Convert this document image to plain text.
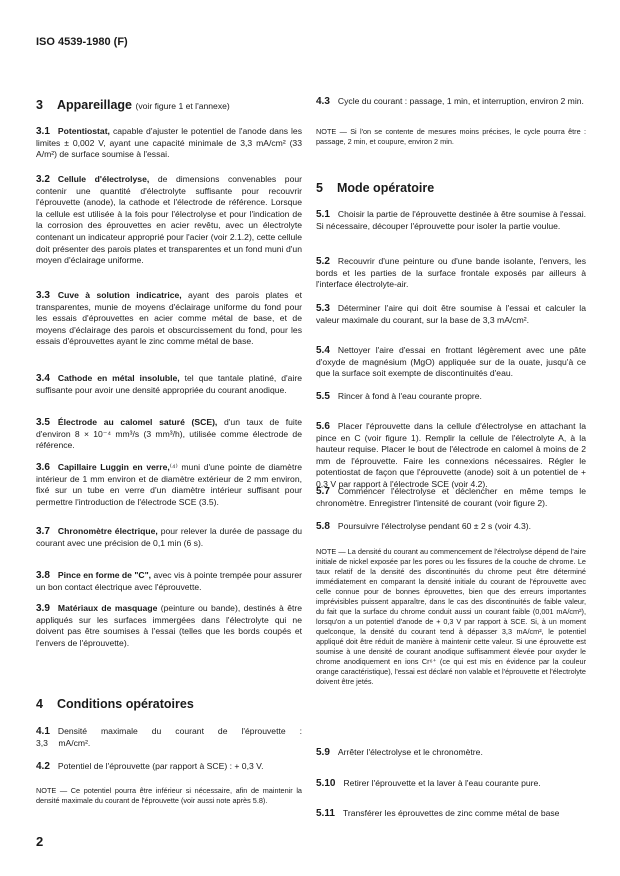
ISO 4539-1980 (F)
3 Appareillage (voir figure 1 et l'annexe)
3.1 Potentiostat, capable d'ajuster le potentiel de l'anode dans les limites ± 0,002 V, ayant une capacité minimale de 3,3 mA/cm² (33 A/m²) de surface soumise à l'essai.
3.2 Cellule d'électrolyse, de dimensions convenables pour contenir une quantité d'électrolyte suffisante pour recouvrir l'éprouvette (anode), la cathode et l'électrode de référence. Lorsque la cellule est utilisée à la fois pour l'électrolyse et pour l'indication de la corrosion des éprouvettes en acier revêtu, avec un électrolyte contenant un indicateur approprié pour l'acier (voir 2.1.2), cette cellule doit présenter des parois plates et transparentes et un fond muni d'un moyen d'éclairage uniforme.
3.3 Cuve à solution indicatrice, ayant des parois plates et transparentes, munie de moyens d'éclairage uniforme du fond pour les essais d'éprouvettes en acier comme métal de base, et de moyens d'éclairage des parois et obscurcissement du fond, pour les essais d'éprouvettes ayant le zinc comme métal de base.
3.4 Cathode en métal insoluble, tel que tantale platiné, d'aire suffisante pour avoir une densité appropriée du courant anodique.
3.5 Électrode au calomel saturé (SCE), d'un taux de fuite d'environ 8 × 10⁻⁴ mm³/s (3 mm³/h), utilisée comme électrode de référence.
3.6 Capillaire Luggin en verre,⁽⁴⁾ muni d'une pointe de diamètre intérieur de 1 mm environ et de diamètre extérieur de 2 mm environ, fixé sur un tube en verre d'un diamètre intérieur suffisant pour permettre l'introduction de l'électrode SCE (3.5).
3.7 Chronomètre électrique, pour relever la durée de passage du courant avec une précision de 0,1 min (6 s).
3.8 Pince en forme de "C", avec vis à pointe trempée pour assurer un bon contact électrique avec l'éprouvette.
3.9 Matériaux de masquage (peinture ou bande), destinés à être appliqués sur les surfaces immergées dans l'électrolyte qui ne doivent pas être soumises à l'essai (telles que les bords coupés et l'envers de l'éprouvette).
4 Conditions opératoires
4.1 Densité maximale du courant de l'éprouvette : 3,3 mA/cm².
4.2 Potentiel de l'éprouvette (par rapport à SCE) : + 0,3 V.
NOTE — Ce potentiel pourra être inférieur si nécessaire, afin de maintenir la densité maximale du courant de l'éprouvette (voir aussi note après 5.8).
2
4.3 Cycle du courant : passage, 1 min, et interruption, environ 2 min.
NOTE — Si l'on se contente de mesures moins précises, le cycle pourra être : passage, 2 min, et coupure, environ 2 min.
5 Mode opératoire
5.1 Choisir la partie de l'éprouvette destinée à être soumise à l'essai. Si nécessaire, découper l'éprouvette pour isoler la partie voulue.
5.2 Recouvrir d'une peinture ou d'une bande isolante, l'envers, les bords et les parties de la surface frontale exposés par ailleurs à l'interface électrolyte-air.
5.3 Déterminer l'aire qui doit être soumise à l'essai et calculer la valeur maximale du courant, sur la base de 3,3 mA/cm².
5.4 Nettoyer l'aire d'essai en frottant légèrement avec une pâte d'oxyde de magnésium (MgO) appliquée sur de la ouate, jusqu'à ce que la surface soit exempte de discontinuités d'eau.
5.5 Rincer à fond à l'eau courante propre.
5.6 Placer l'éprouvette dans la cellule d'électrolyse en attachant la pince en C (voir figure 1). Remplir la cellule de l'électrolyte A, à la hauteur requise. Placer le bout de l'électrode en calomel à moins de 2 mm de l'éprouvette. Faire les connexions nécessaires. Régler le potentiostat de façon que l'éprouvette (anode) soit à un potentiel de + 0,3 V par rapport à l'électrode SCE (voir 4.2).
5.7 Commencer l'électrolyse et déclencher en même temps le chronomètre. Enregistrer l'intensité de courant (voir figure 2).
5.8 Poursuivre l'électrolyse pendant 60 ± 2 s (voir 4.3).
NOTE — La densité du courant au commencement de l'électrolyse dépend de l'aire initiale de nickel exposée par les pores ou les fissures de la couche de chrome. Le taux relatif de la densité des discontinuités du chrome peut être déterminé immédiatement en comparant la densité initiale du courant de l'éprouvette avec celle connue pour de bonnes éprouvettes, bien que des erreurs importantes imprévisibles puissent apparaître, dans le cas des discontinuités de faible valeur, du fait que la surface du chrome conduit aussi un courant faible (0,001 mA/cm²), lorsqu'on a un potentiel d'anode de + 0,3 V par rapport à SCE. Si, à un moment quelconque, la densité du courant tend à dépasser 3,3 mA/cm², le potentiel appliqué doit être réduit de manière à maintenir cette valeur. Si une éprouvette est soumise à une densité de courant anodique suffisamment élevée pour oxyder le chrome anodiquement en ions Cr⁶⁺ (ce qui est mis en évidence par la couleur orange caractéristique), l'essai est déclaré non valable et l'éprouvette et l'électrolyte doivent être jetés.
5.9 Arrêter l'électrolyse et le chronomètre.
5.10 Retirer l'éprouvette et la laver à l'eau courante pure.
5.11 Transférer les éprouvettes de zinc comme métal de base
